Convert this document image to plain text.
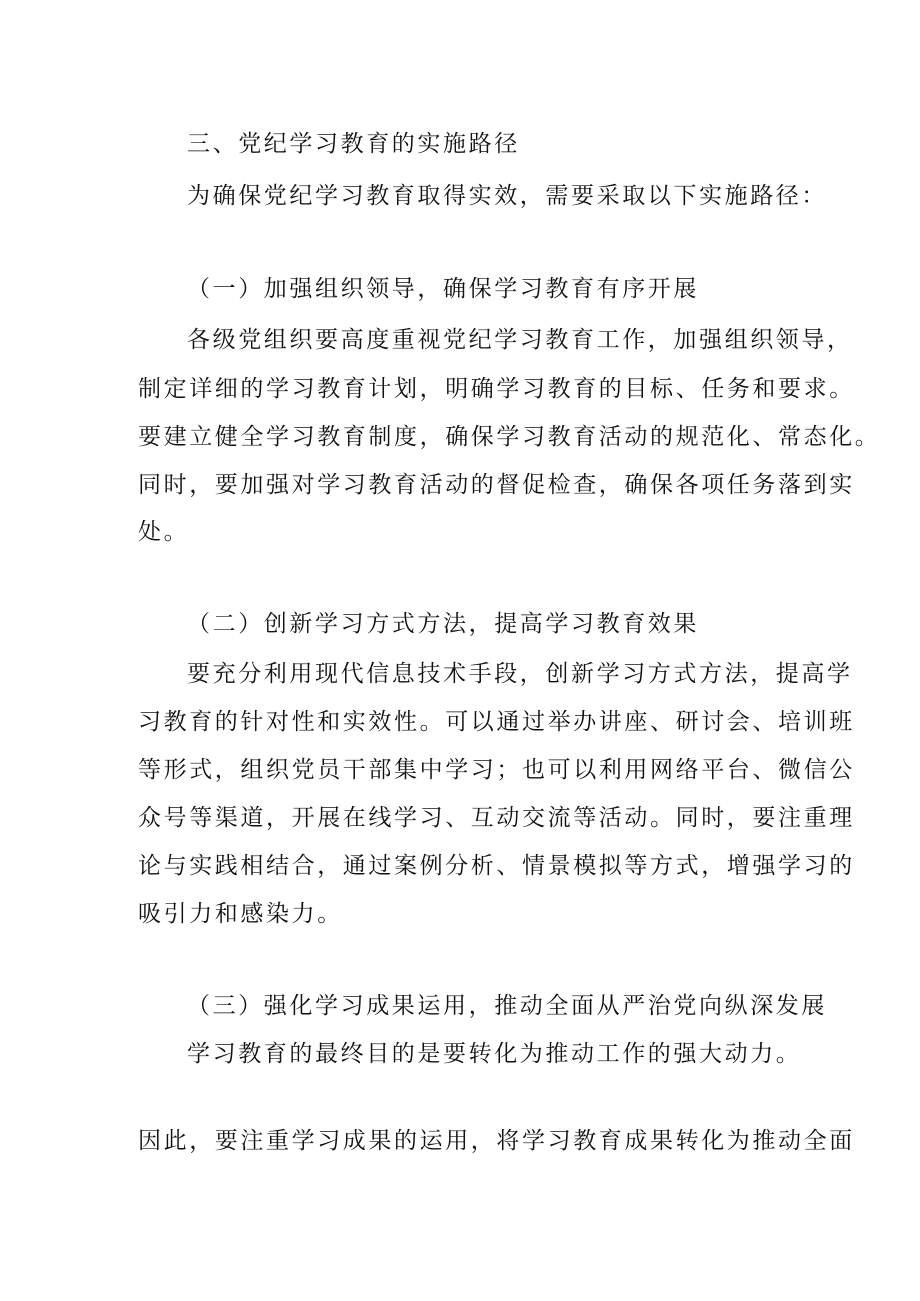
三、党纪学习教育的实施路径
为确保党纪学习教育取得实效，需要采取以下实施路径：
（一）加强组织领导，确保学习教育有序开展
各级党组织要高度重视党纪学习教育工作，加强组织领导，
制定详细的学习教育计划，明确学习教育的目标、任务和要求。
要建立健全学习教育制度，确保学习教育活动的规范化、常态化。
同时，要加强对学习教育活动的督促检查，确保各项任务落到实
处。
（二）创新学习方式方法，提高学习教育效果
要充分利用现代信息技术手段，创新学习方式方法，提高学
习教育的针对性和实效性。可以通过举办讲座、研讨会、培训班
等形式，组织党员干部集中学习；也可以利用网络平台、微信公
众号等渠道，开展在线学习、互动交流等活动。同时，要注重理
论与实践相结合，通过案例分析、情景模拟等方式，增强学习的
吸引力和感染力。
（三）强化学习成果运用，推动全面从严治党向纵深发展
学习教育的最终目的是要转化为推动工作的强大动力。
因此，要注重学习成果的运用，将学习教育成果转化为推动全面
